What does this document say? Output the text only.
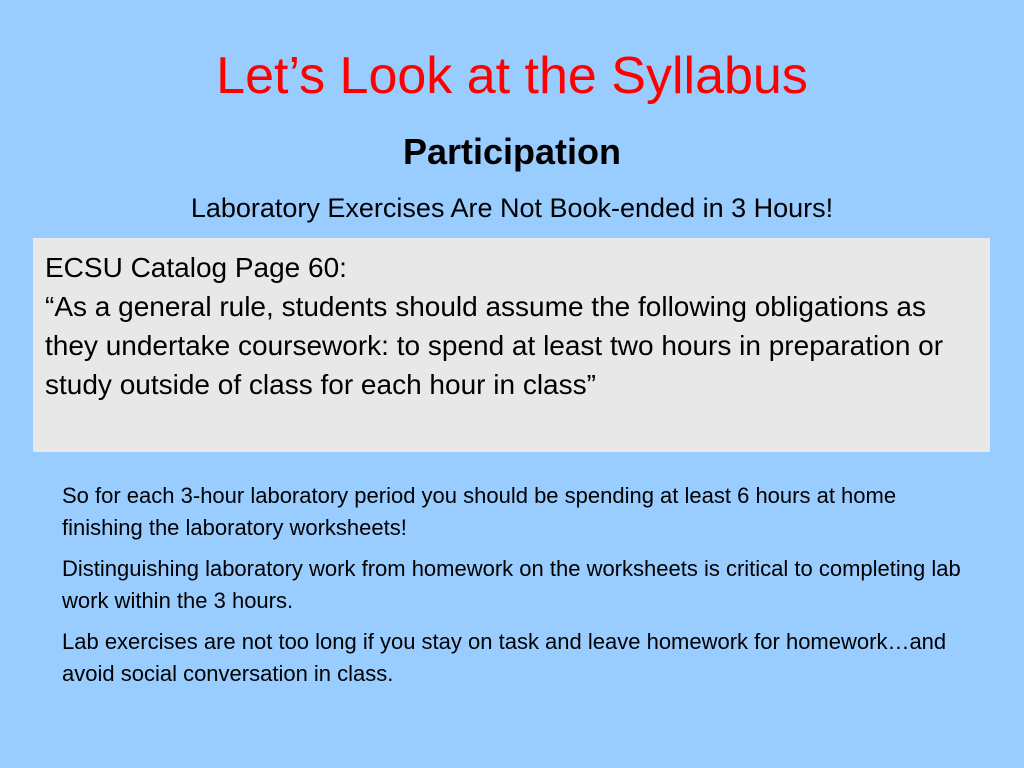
Let’s Look at the Syllabus
Participation
Laboratory Exercises Are Not Book-ended in 3 Hours!

ECSU Catalog Page 60:

“As a general rule, students should assume the following obligations as they undertake coursework: to spend at least two hours in preparation or study outside of class for each hour in class”

So for each 3-hour laboratory period you should be spending at least 6 hours at home finishing the laboratory worksheets!

Distinguishing laboratory work from homework on the worksheets is critical to completing lab work within the 3 hours.

Lab exercises are not too long if you stay on task and leave homework for homework…and avoid social conversation in class.
